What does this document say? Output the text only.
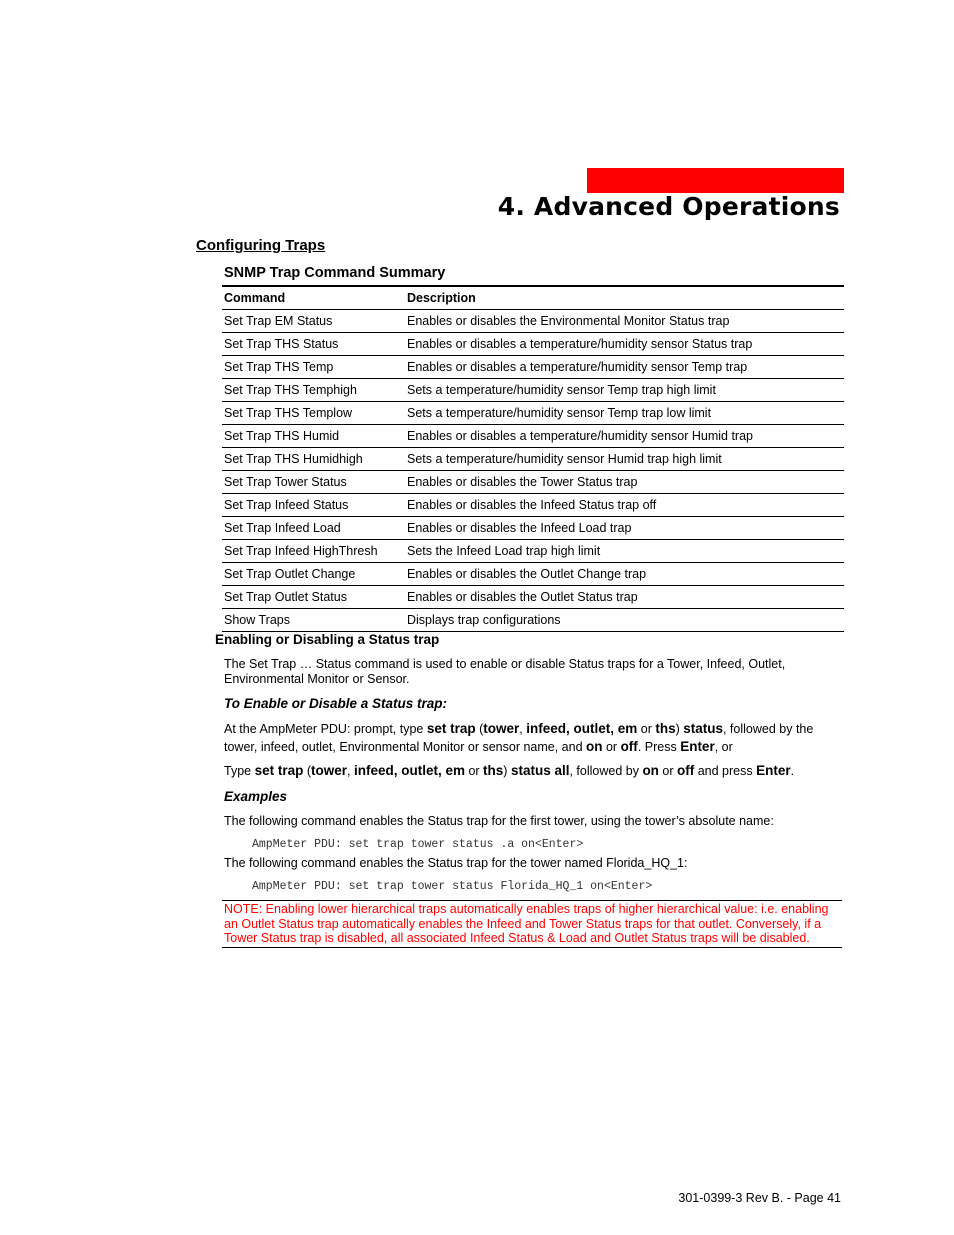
4. Advanced Operations
Configuring Traps
SNMP Trap Command Summary
Command	Description
Set Trap EM Status	Enables or disables the Environmental Monitor Status trap
Set Trap THS Status	Enables or disables a temperature/humidity sensor Status trap
Set Trap THS Temp	Enables or disables a temperature/humidity sensor Temp trap
Set Trap THS Temphigh	Sets a temperature/humidity sensor Temp trap high limit
Set Trap THS Templow	Sets a temperature/humidity sensor Temp trap low limit
Set Trap THS Humid	Enables or disables a temperature/humidity sensor Humid trap
Set Trap THS Humidhigh	Sets a temperature/humidity sensor Humid trap high limit
Set Trap Tower Status	Enables or disables the Tower Status trap
Set Trap Infeed Status	Enables or disables the Infeed Status trap off
Set Trap Infeed Load	Enables or disables the Infeed Load trap
Set Trap Infeed HighThresh	Sets the Infeed Load trap high limit
Set Trap Outlet Change	Enables or disables the Outlet Change trap
Set Trap Outlet Status	Enables or disables the Outlet Status trap
Show Traps	Displays trap configurations
Enabling or Disabling a Status trap
The Set Trap … Status command is used to enable or disable Status traps for a Tower, Infeed, Outlet, Environmental Monitor or Sensor.
To Enable or Disable a Status trap:
At the AmpMeter PDU: prompt, type set trap (tower, infeed, outlet, em or ths) status, followed by the tower, infeed, outlet, Environmental Monitor or sensor name, and on or off. Press Enter, or
Type set trap (tower, infeed, outlet, em or ths) status all, followed by on or off and press Enter.
Examples
The following command enables the Status trap for the first tower, using the tower’s absolute name:
AmpMeter PDU: set trap tower status .a on<Enter>
The following command enables the Status trap for the tower named Florida_HQ_1:
AmpMeter PDU: set trap tower status Florida_HQ_1 on<Enter>
NOTE: Enabling lower hierarchical traps automatically enables traps of higher hierarchical value: i.e. enabling an Outlet Status trap automatically enables the Infeed and Tower Status traps for that outlet. Conversely, if a Tower Status trap is disabled, all associated Infeed Status & Load and Outlet Status traps will be disabled.
301-0399-3 Rev B. - Page 41
